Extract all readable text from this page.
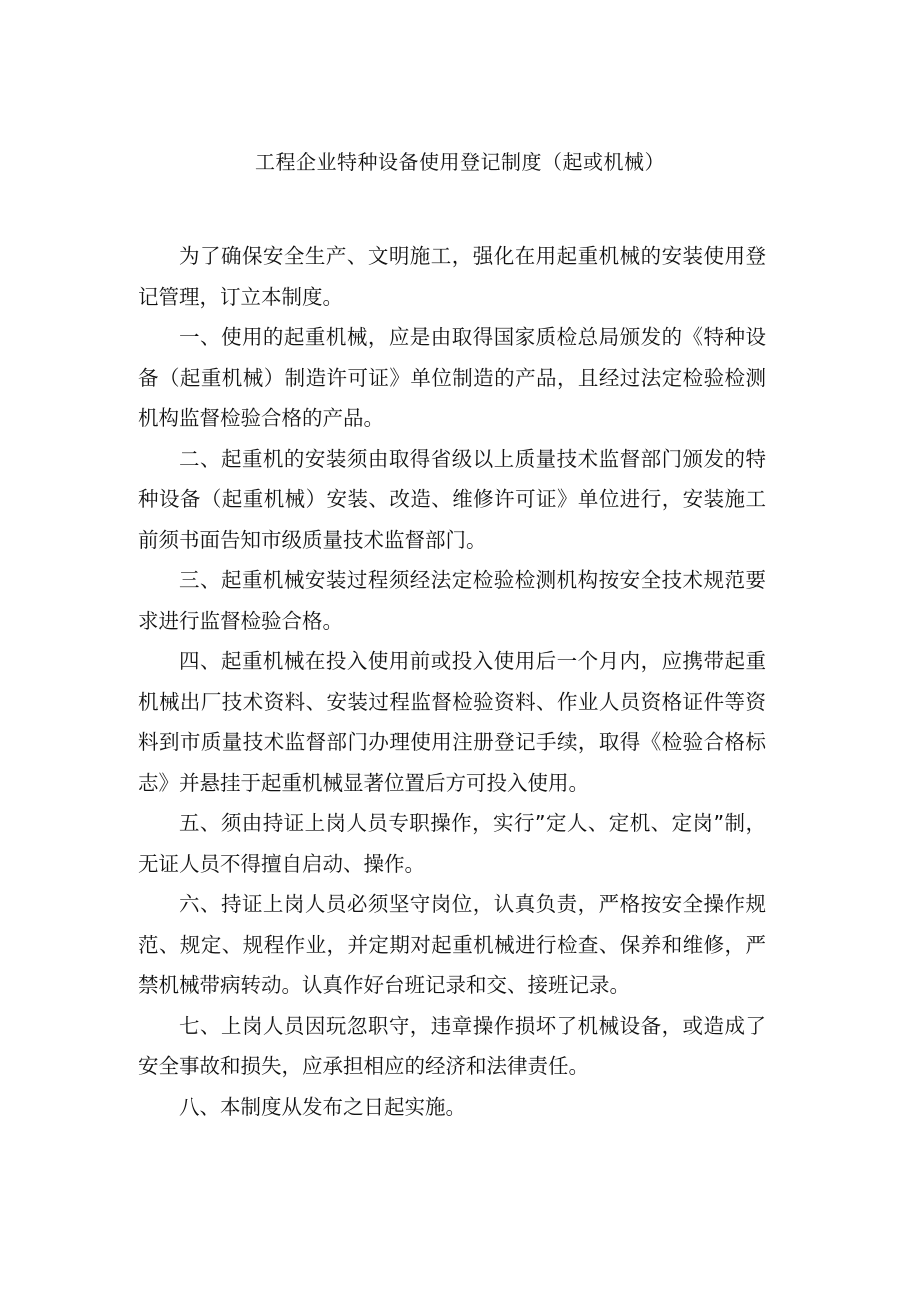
工程企业特种设备使用登记制度（起或机械）

为了确保安全生产、文明施工，强化在用起重机械的安装使用登记管理，订立本制度。

一、使用的起重机械，应是由取得国家质检总局颁发的《特种设备（起重机械）制造许可证》单位制造的产品，且经过法定检验检测机构监督检验合格的产品。

二、起重机的安装须由取得省级以上质量技术监督部门颁发的特种设备（起重机械）安装、改造、维修许可证》单位进行，安装施工前须书面告知市级质量技术监督部门。

三、起重机械安装过程须经法定检验检测机构按安全技术规范要求进行监督检验合格。

四、起重机械在投入使用前或投入使用后一个月内，应携带起重机械出厂技术资料、安装过程监督检验资料、作业人员资格证件等资料到市质量技术监督部门办理使用注册登记手续，取得《检验合格标志》并悬挂于起重机械显著位置后方可投入使用。

五、须由持证上岗人员专职操作，实行”定人、定机、定岗”制，无证人员不得擅自启动、操作。

六、持证上岗人员必须坚守岗位，认真负责，严格按安全操作规范、规定、规程作业，并定期对起重机械进行检查、保养和维修，严禁机械带病转动。认真作好台班记录和交、接班记录。

七、上岗人员因玩忽职守，违章操作损坏了机械设备，或造成了安全事故和损失，应承担相应的经济和法律责任。

八、本制度从发布之日起实施。
